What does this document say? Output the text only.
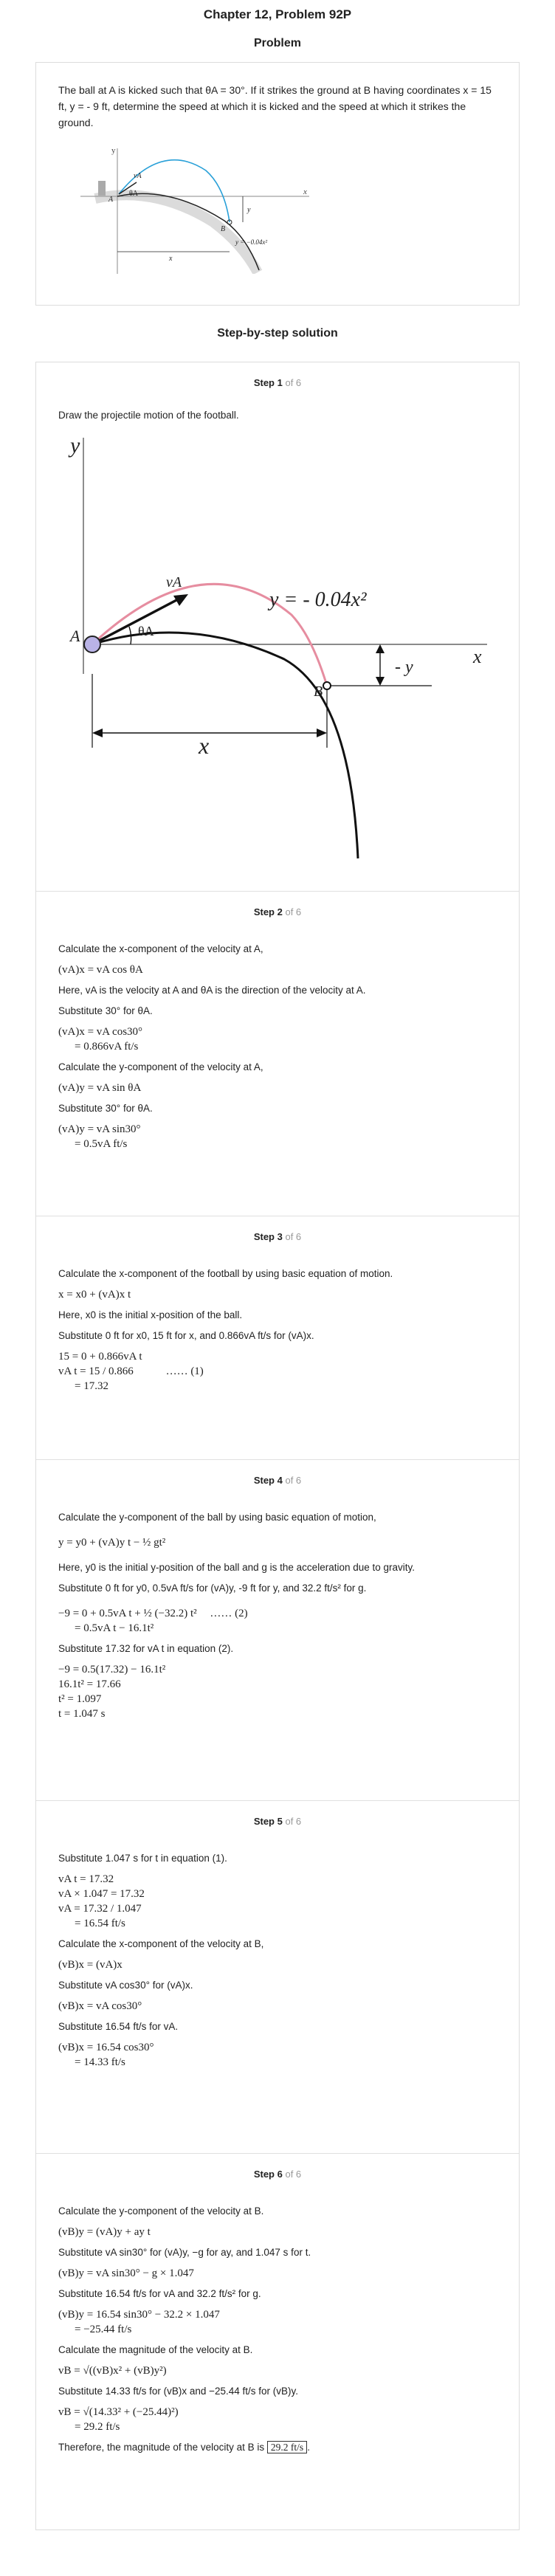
Chapter 12, Problem 92P
Problem

The ball at A is kicked such that θA = 30°. If it strikes the ground at B having coordinates x = 15 ft, y = - 9 ft, determine the speed at which it is kicked and the speed at which it strikes the ground.

y
x
vA
θA
A
B
y
x
y = −0.04x²
Step-by-step solution
Step 1 of 6

Draw the projectile motion of the football.

y
x
vA
θA
A
B
y = - 0.04x²
- y
x
Step 2 of 6

Calculate the x-component of the velocity at A,

(vA)x = vA cos θA

Here, vA is the velocity at A and θA is the direction of the velocity at A.

Substitute 30° for θA.

(vA)x = vA cos30°

= 0.866vA ft/s

Calculate the y-component of the velocity at A,

(vA)y = vA sin θA

Substitute 30° for θA.

(vA)y = vA sin30°

= 0.5vA ft/s

Step 3 of 6

Calculate the x-component of the football by using basic equation of motion.

x = x0 + (vA)x t

Here, x0 is the initial x-position of the ball.

Substitute 0 ft for x0, 15 ft for x, and 0.866vA ft/s for (vA)x.

15 = 0 + 0.866vA t

vA t = 15 / 0.866	…… (1)

= 17.32

Step 4 of 6

Calculate the y-component of the ball by using basic equation of motion,

y = y0 + (vA)y t − ½ gt²

Here, y0 is the initial y-position of the ball and g is the acceleration due to gravity.

Substitute 0 ft for y0, 0.5vA ft/s for (vA)y, -9 ft for y, and 32.2 ft/s² for g.

−9 = 0 + 0.5vA t + ½ (−32.2) t² …… (2)

= 0.5vA t − 16.1t²

Substitute 17.32 for vA t in equation (2).

−9 = 0.5(17.32) − 16.1t²

16.1t² = 17.66

t² = 1.097

t = 1.047 s

Step 5 of 6

Substitute 1.047 s for t in equation (1).

vA t = 17.32

vA × 1.047 = 17.32

vA = 17.32 / 1.047

= 16.54 ft/s

Calculate the x-component of the velocity at B,

(vB)x = (vA)x

Substitute vA cos30° for (vA)x.

(vB)x = vA cos30°

Substitute 16.54 ft/s for vA.

(vB)x = 16.54 cos30°

= 14.33 ft/s

Step 6 of 6

Calculate the y-component of the velocity at B.

(vB)y = (vA)y + ay t

Substitute vA sin30° for (vA)y, −g for ay, and 1.047 s for t.

(vB)y = vA sin30° − g × 1.047

Substitute 16.54 ft/s for vA and 32.2 ft/s² for g.

(vB)y = 16.54 sin30° − 32.2 × 1.047

= −25.44 ft/s

Calculate the magnitude of the velocity at B.

vB = √((vB)x² + (vB)y²)

Substitute 14.33 ft/s for (vB)x and −25.44 ft/s for (vB)y.

vB = √(14.33² + (−25.44)²)

= 29.2 ft/s

Therefore, the magnitude of the velocity at B is 29.2 ft/s .
